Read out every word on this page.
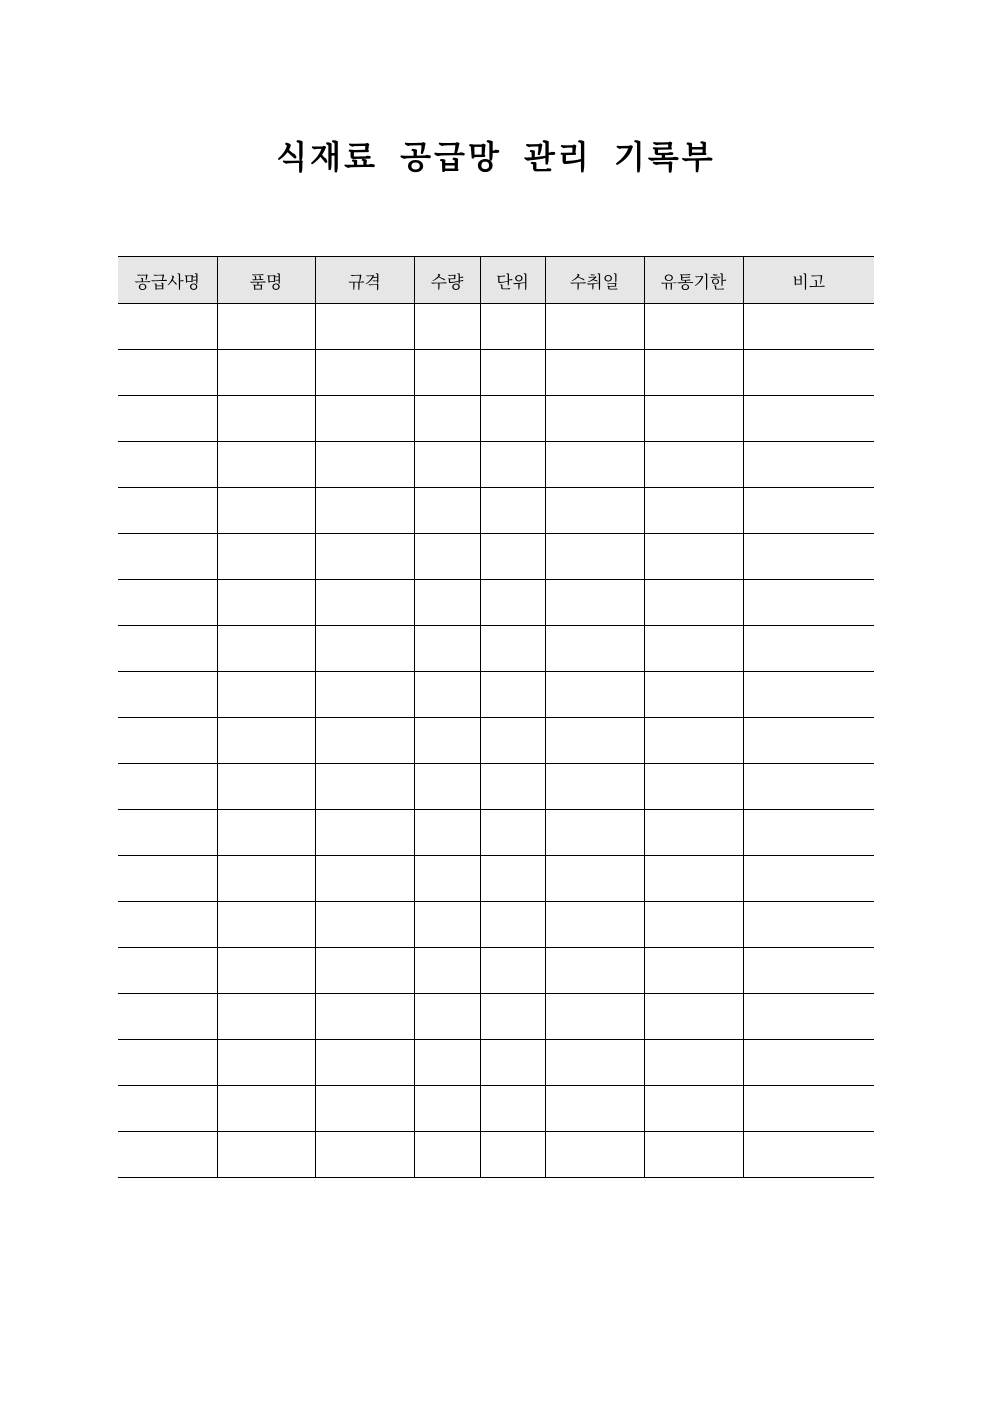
식재료 공급망 관리 기록부
공급사명	품명	규격	수량	단위	수취일	유통기한	비고
